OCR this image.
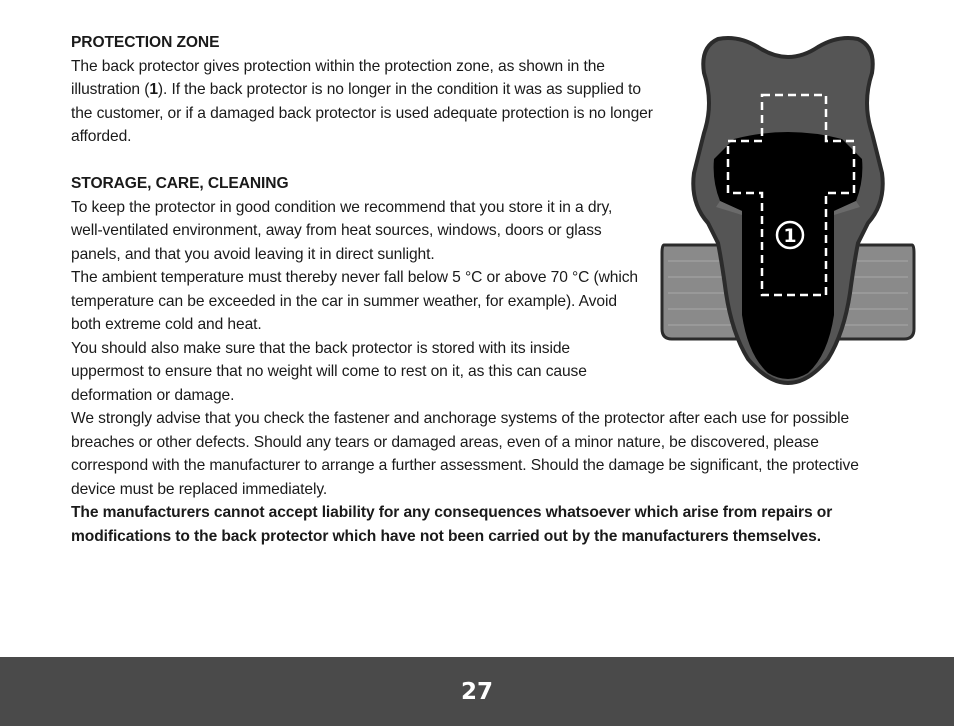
1
PROTECTION ZONE

The back protector gives protection within the protection zone, as shown in the illustration (1). If the back protector is no longer in the condition it was as supplied to the customer, or if a damaged back protector is used adequate protection is no longer afforded.

STORAGE, CARE, CLEANING

To keep the protector in good condition we recommend that you store it in a dry, well-ventilated environment, away from heat sources, windows, doors or glass panels, and that you avoid leaving it in direct sunlight.

The ambient temperature must thereby never fall below 5 °C or above 70 °C (which temperature can be exceeded in the car in summer weather, for example). Avoid both extreme cold and heat.

You should also make sure that the back protector is stored with its inside uppermost to ensure that no weight will come to rest on it, as this can cause deformation or damage.

We strongly advise that you check the fastener and anchorage systems of the protector after each use for possible breaches or other defects. Should any tears or damaged areas, even of a minor nature, be discovered, please correspond with the manufacturer to arrange a further assessment. Should the damage be significant, the protective device must be replaced immediately.

The manufacturers cannot accept liability for any consequences whatsoever which arise from repairs or modifications to the back protector which have not been carried out by the manufacturers themselves.

27
